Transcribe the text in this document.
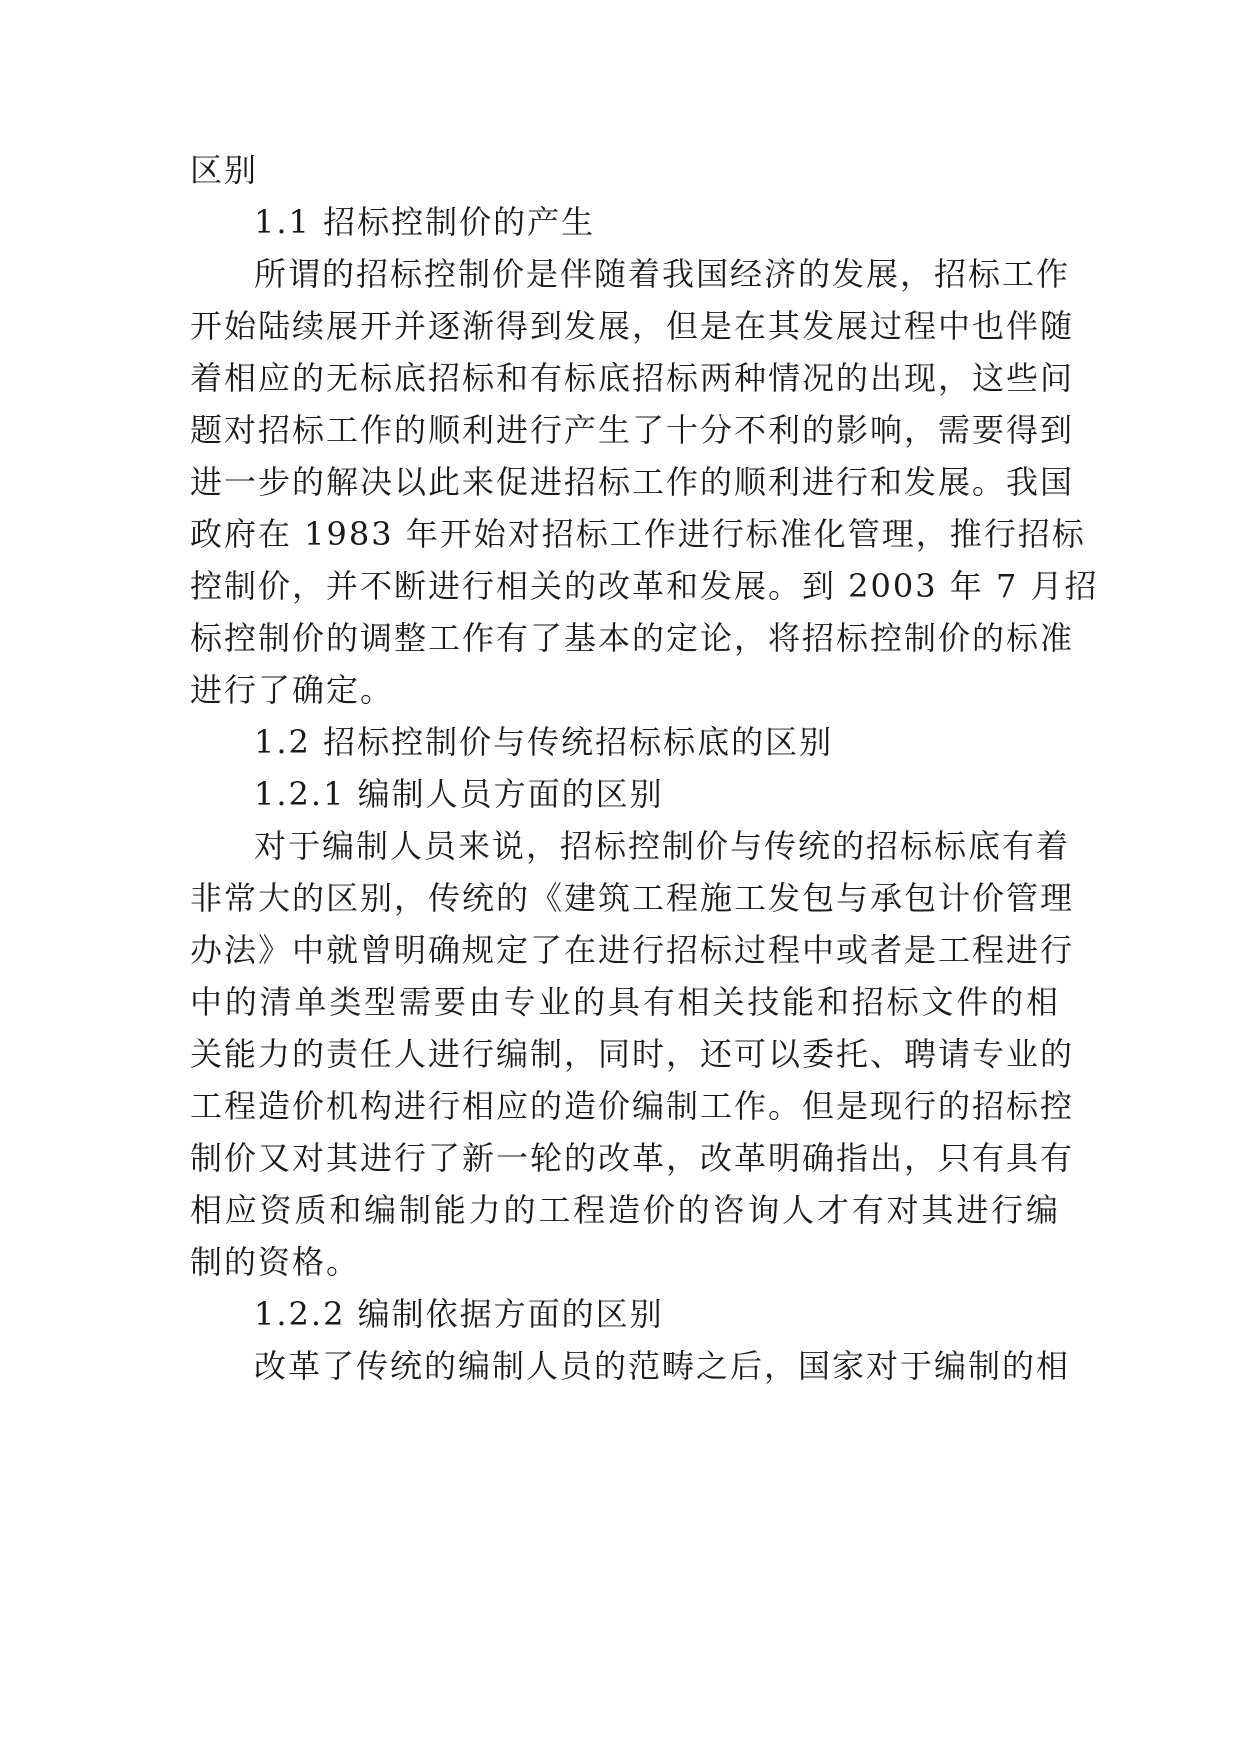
区别
1.1 招标控制价的产生
所谓的招标控制价是伴随着我国经济的发展，招标工作
开始陆续展开并逐渐得到发展，但是在其发展过程中也伴随
着相应的无标底招标和有标底招标两种情况的出现，这些问
题对招标工作的顺利进行产生了十分不利的影响，需要得到
进一步的解决以此来促进招标工作的顺利进行和发展。我国
政府在 1983 年开始对招标工作进行标准化管理，推行招标
控制价，并不断进行相关的改革和发展。到 2003 年 7 月招
标控制价的调整工作有了基本的定论，将招标控制价的标准
进行了确定。
1.2 招标控制价与传统招标标底的区别
1.2.1 编制人员方面的区别
对于编制人员来说，招标控制价与传统的招标标底有着
非常大的区别，传统的《建筑工程施工发包与承包计价管理
办法》中就曾明确规定了在进行招标过程中或者是工程进行
中的清单类型需要由专业的具有相关技能和招标文件的相
关能力的责任人进行编制，同时，还可以委托、聘请专业的
工程造价机构进行相应的造价编制工作。但是现行的招标控
制价又对其进行了新一轮的改革，改革明确指出，只有具有
相应资质和编制能力的工程造价的咨询人才有对其进行编
制的资格。
1.2.2 编制依据方面的区别
改革了传统的编制人员的范畴之后，国家对于编制的相
